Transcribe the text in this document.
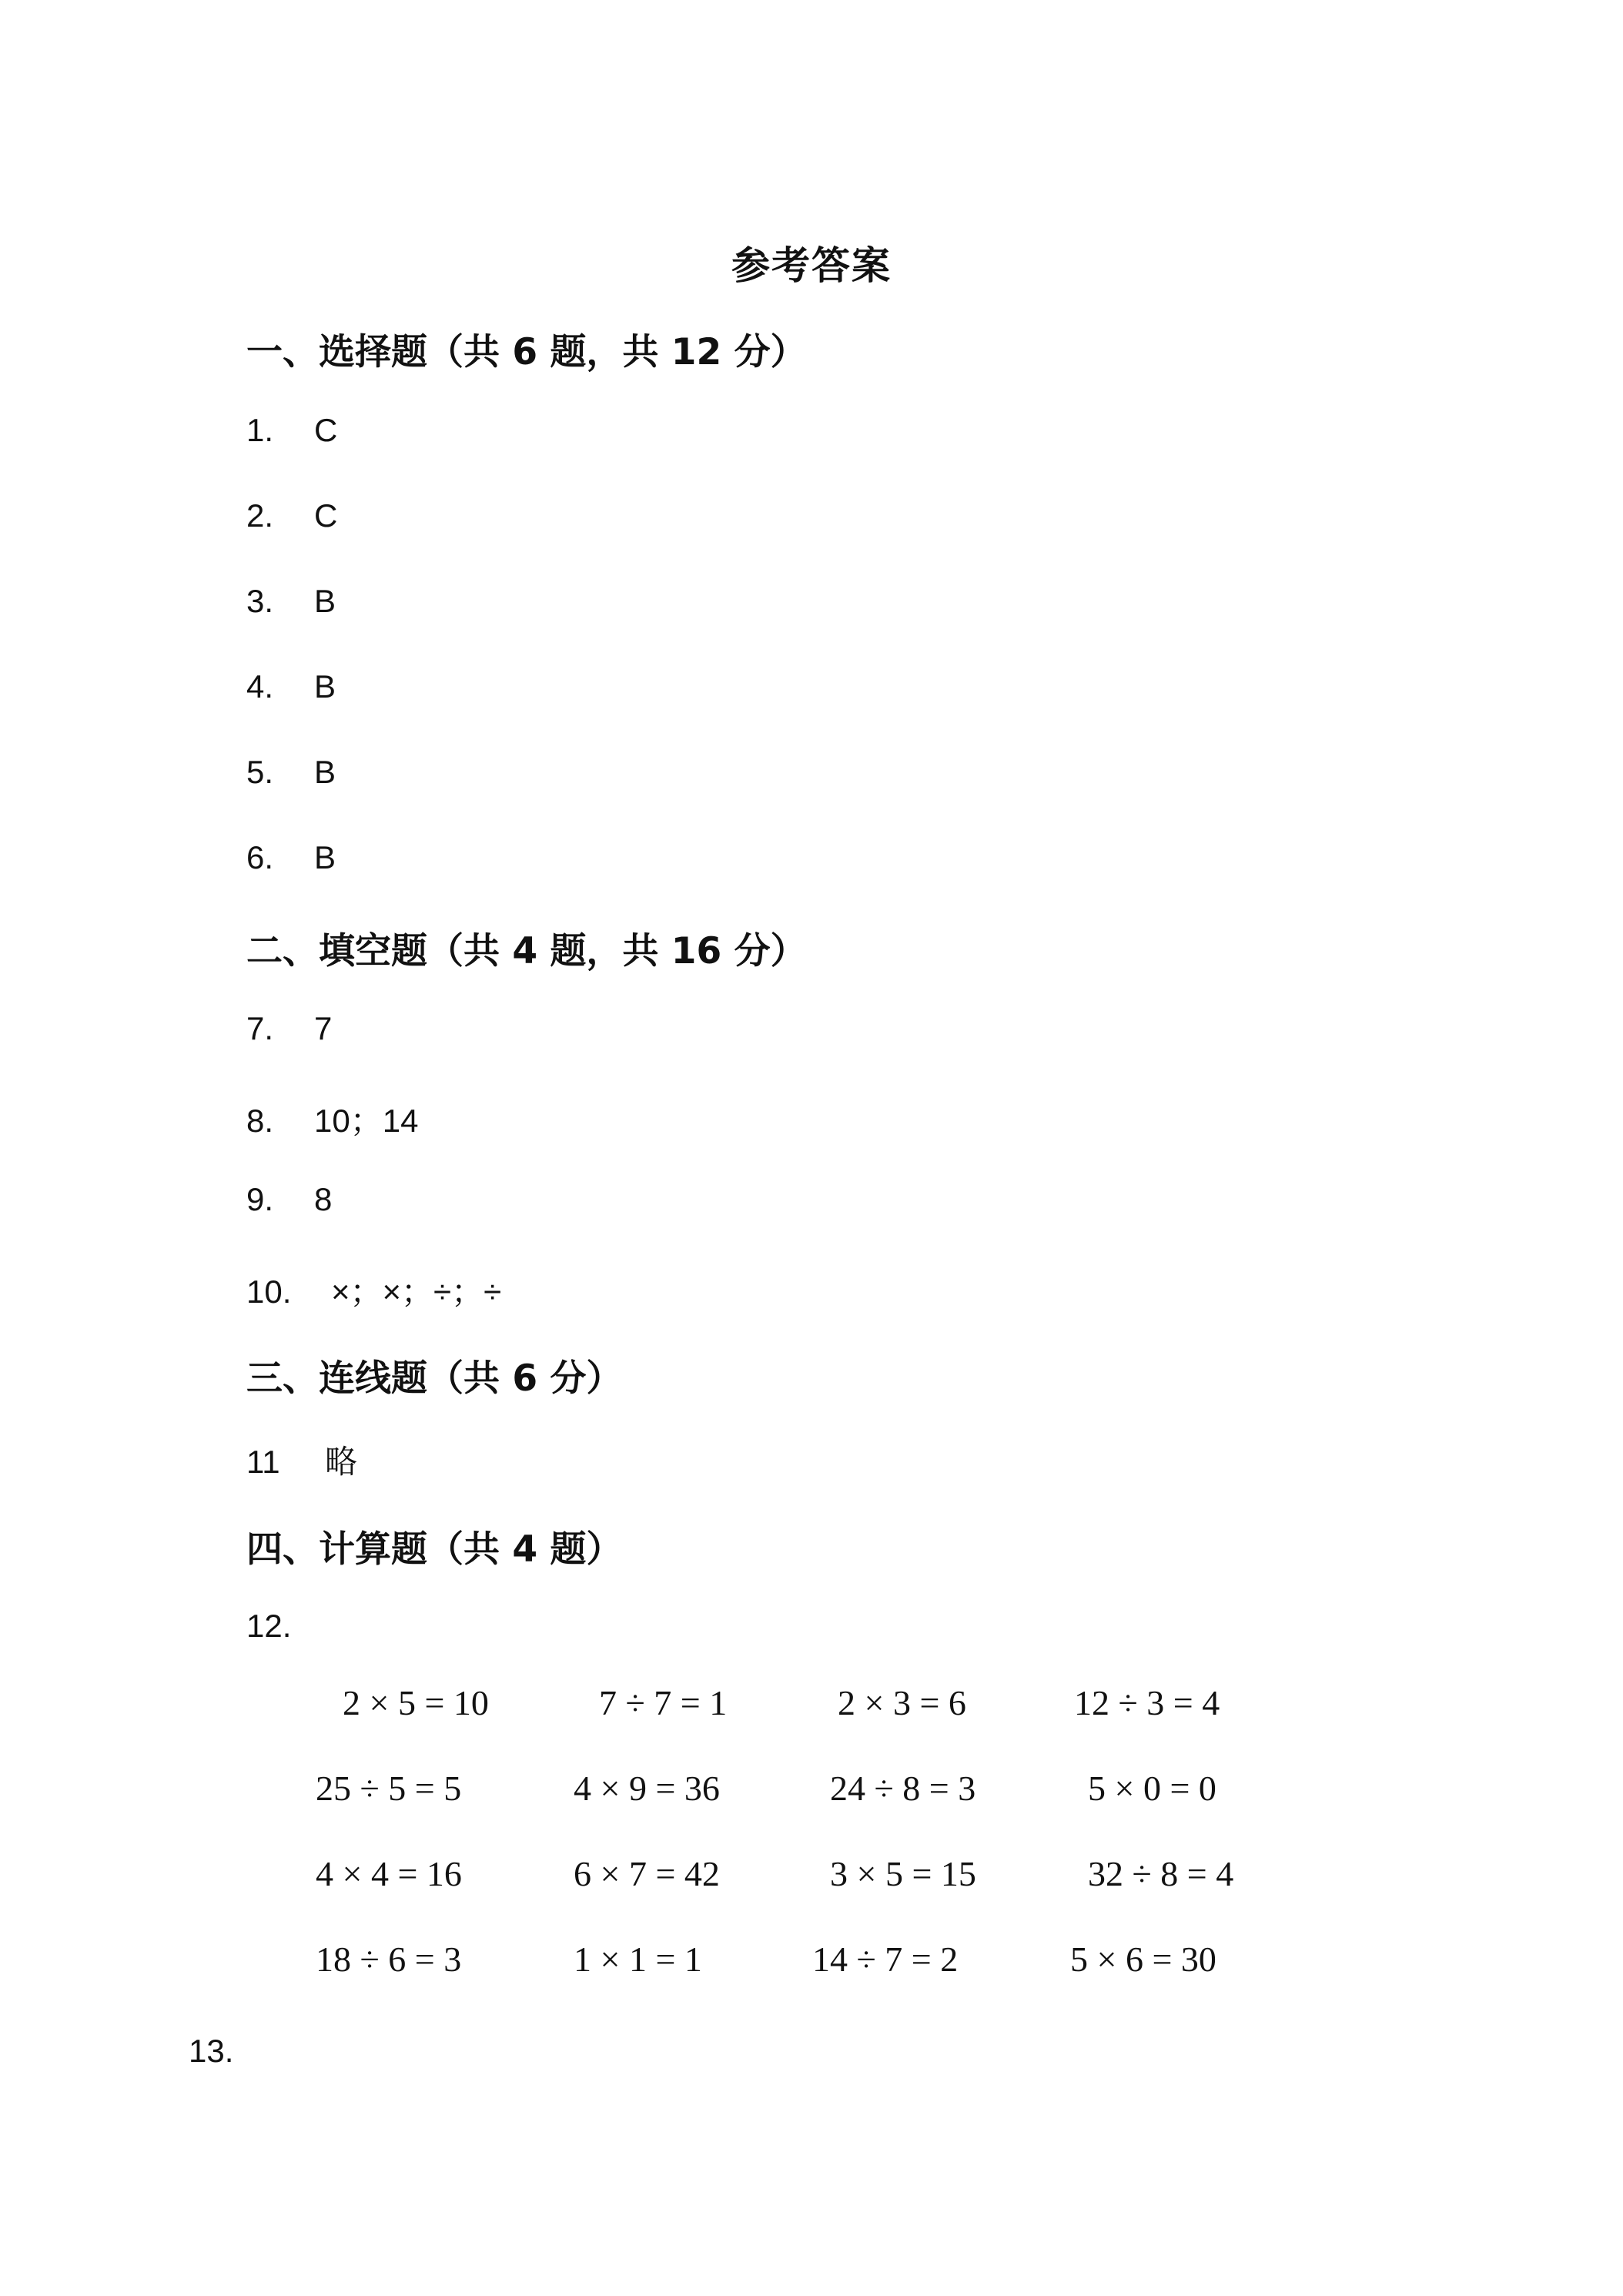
参考答案
一、选择题（共 6 题，共 12 分）
1. C
2. C
3. B
4. B
5. B
6. B
二、填空题（共 4 题，共 16 分）
7. 7
8. 10；14
9. 8
10. ×；×；÷；÷
三、连线题（共 6 分）
11 略
四、计算题（共 4 题）
12.
2 × 5 = 10	7 ÷ 7 = 1	2 × 3 = 6	12 ÷ 3 = 4
25 ÷ 5 = 5	4 × 9 = 36	24 ÷ 8 = 3	5 × 0 = 0
4 × 4 = 16	6 × 7 = 42	3 × 5 = 15	32 ÷ 8 = 4
18 ÷ 6 = 3	1 × 1 = 1	14 ÷ 7 = 2	5 × 6 = 30
13.
